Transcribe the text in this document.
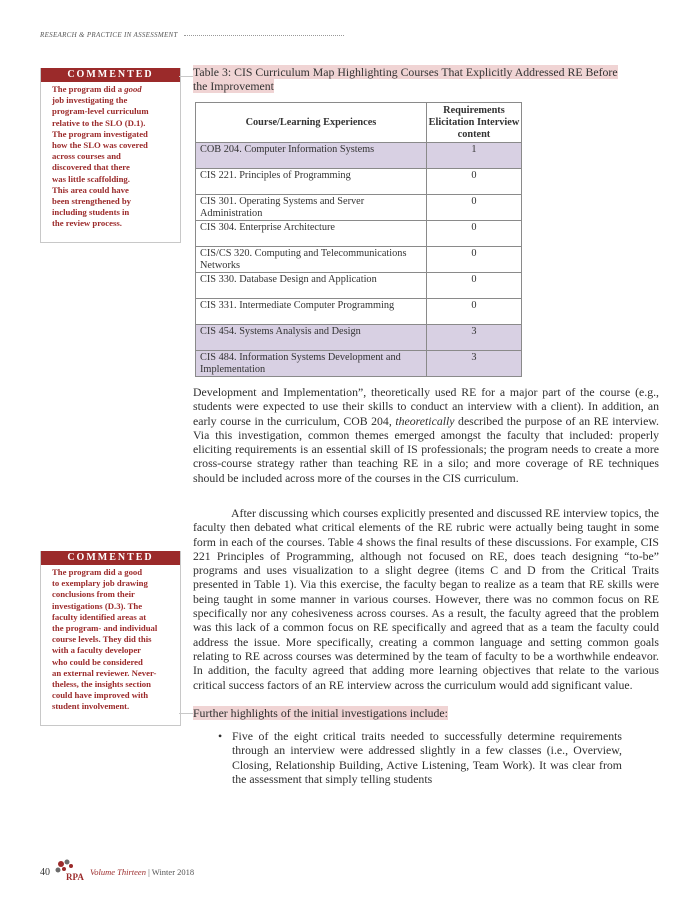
RESEARCH & PRACTICE IN ASSESSMENT
COMMENTED
The program did a good
job investigating the
program-level curriculum
relative to the SLO (D.1).
The program investigated
how the SLO was covered
across courses and
discovered that there
was little scaffolding.
This area could have
been strengthened by
including students in
the review process.
Table 3: CIS Curriculum Map Highlighting Courses That Explicitly Addressed RE Before the Improvement
Course/Learning Experiences	Requirements Elicitation Interview content
COB 204. Computer Information Systems	1
CIS 221. Principles of Programming	0
CIS 301. Operating Systems and Server Administration	0
CIS 304. Enterprise Architecture	0
CIS/CS 320. Computing and Telecommunications Networks	0
CIS 330. Database Design and Application	0
CIS 331. Intermediate Computer Programming	0
CIS 454. Systems Analysis and Design	3
CIS 484. Information Systems Development and Implementation	3
Development and Implementation”, theoretically used RE for a major part of the course (e.g., students were expected to use their skills to conduct an interview with a client). In addition, an early course in the curriculum, COB 204, theoretically described the purpose of an RE interview. Via this investigation, common themes emerged amongst the faculty that included: properly eliciting requirements is an essential skill of IS professionals; the program needs to create a more cross-course strategy rather than teaching RE in a silo; and more coverage of RE techniques should be included across more of the courses in the CIS curriculum.
After discussing which courses explicitly presented and discussed RE interview topics, the faculty then debated what critical elements of the RE rubric were actually being taught in some form in each of the courses. Table 4 shows the final results of these discussions. For example, CIS 221 Principles of Programming, although not focused on RE, does teach designing “to-be” programs and uses visualization to a slight degree (items C and D from the Critical Traits presented in Table 1). Via this exercise, the faculty began to realize as a team that RE skills were being taught in some manner in various courses. However, there was no common focus on RE specifically nor any cohesiveness across courses. As a result, the faculty agreed that the problem was this lack of a common focus on RE specifically and agreed that as a team the faculty could address the issue. More specifically, creating a common language and setting common goals relating to RE across courses was determined by the team of faculty to be a worthwhile endeavor. In addition, the faculty agreed that adding more learning objectives that relate to the various critical success factors of an RE interview across the curriculum would add significant value.
COMMENTED
The program did a good
to exemplary job drawing
conclusions from their
investigations (D.3). The
faculty identified areas at
the program- and individual
course levels. They did this
with a faculty developer
who could be considered
an external reviewer. Never-
theless, the insights section
could have improved with
student involvement.	Further highlights of the initial investigations include:
• Five of the eight critical traits needed to successfully determine requirements through an interview were addressed slightly in a few classes (i.e., Overview, Closing, Relationship Building, Active Listening, Team Work). It was clear from the assessment that simply telling students
40 RPA Volume Thirteen | Winter 2018
